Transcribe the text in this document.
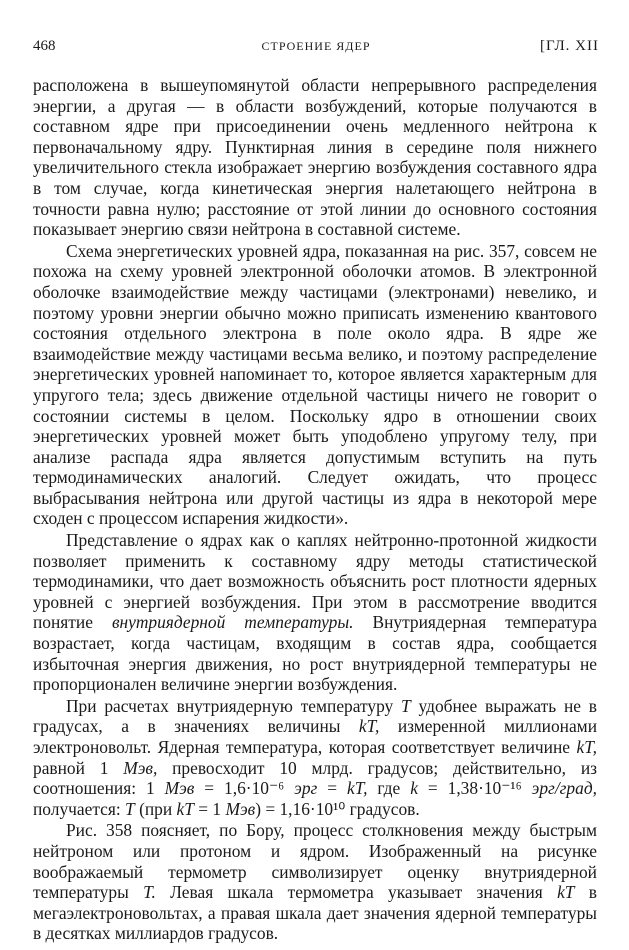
468	СТРОЕНИЕ ЯДЕР	[ГЛ. XII

расположена в вышеупомянутой области непрерывного распределения энергии, а другая — в области возбуждений, которые получаются в составном ядре при присоединении очень медленного нейтрона к первоначальному ядру. Пунктирная линия в середине поля нижнего увеличительного стекла изображает энергию возбуждения составного ядра в том случае, когда кинетическая энергия налетающего нейтрона в точности равна нулю; расстояние от этой линии до основного состояния показывает энергию связи нейтрона в составной системе.

Схема энергетических уровней ядра, показанная на рис. 357, совсем не похожа на схему уровней электронной оболочки атомов. В электронной оболочке взаимодействие между частицами (электронами) невелико, и поэтому уровни энергии обычно можно приписать изменению квантового состояния отдельного электрона в поле около ядра. В ядре же взаимодействие между частицами весьма велико, и поэтому распределение энергетических уровней напоминает то, которое является характерным для упругого тела; здесь движение отдельной частицы ничего не говорит о состоянии системы в целом. Поскольку ядро в отношении своих энергетических уровней может быть уподоблено упругому телу, при анализе распада ядра является допустимым вступить на путь термодинамических аналогий. Следует ожидать, что процесс выбрасывания нейтрона или другой частицы из ядра в некоторой мере сходен с процессом испарения жидкости».

Представление о ядрах как о каплях нейтронно-протонной жидкости позволяет применить к составному ядру методы статистической термодинамики, что дает возможность объяснить рост плотности ядерных уровней с энергией возбуждения. При этом в рассмотрение вводится понятие внутриядерной температуры. Внутриядерная температура возрастает, когда частицам, входящим в состав ядра, сообщается избыточная энергия движения, но рост внутриядерной температуры не пропорционален величине энергии возбуждения.

При расчетах внутриядерную температуру T удобнее выражать не в градусах, а в значениях величины kT, измеренной миллионами электроновольт. Ядерная температура, которая соответствует величине kT, равной 1 Мэв, превосходит 10 млрд. градусов; действительно, из соотношения: 1 Мэв = 1,6·10⁻⁶ эрг = kT, где k = 1,38·10⁻¹⁶ эрг/град, получается: T (при kT = 1 Мэв) = 1,16·10¹⁰ градусов.

Рис. 358 поясняет, по Бору, процесс столкновения между быстрым нейтроном или протоном и ядром. Изображенный на рисунке воображаемый термометр символизирует оценку внутриядерной температуры T. Левая шкала термометра указывает значения kT в мегаэлектроновольтах, а правая шкала дает значения ядерной температуры в десятках миллиардов градусов.
